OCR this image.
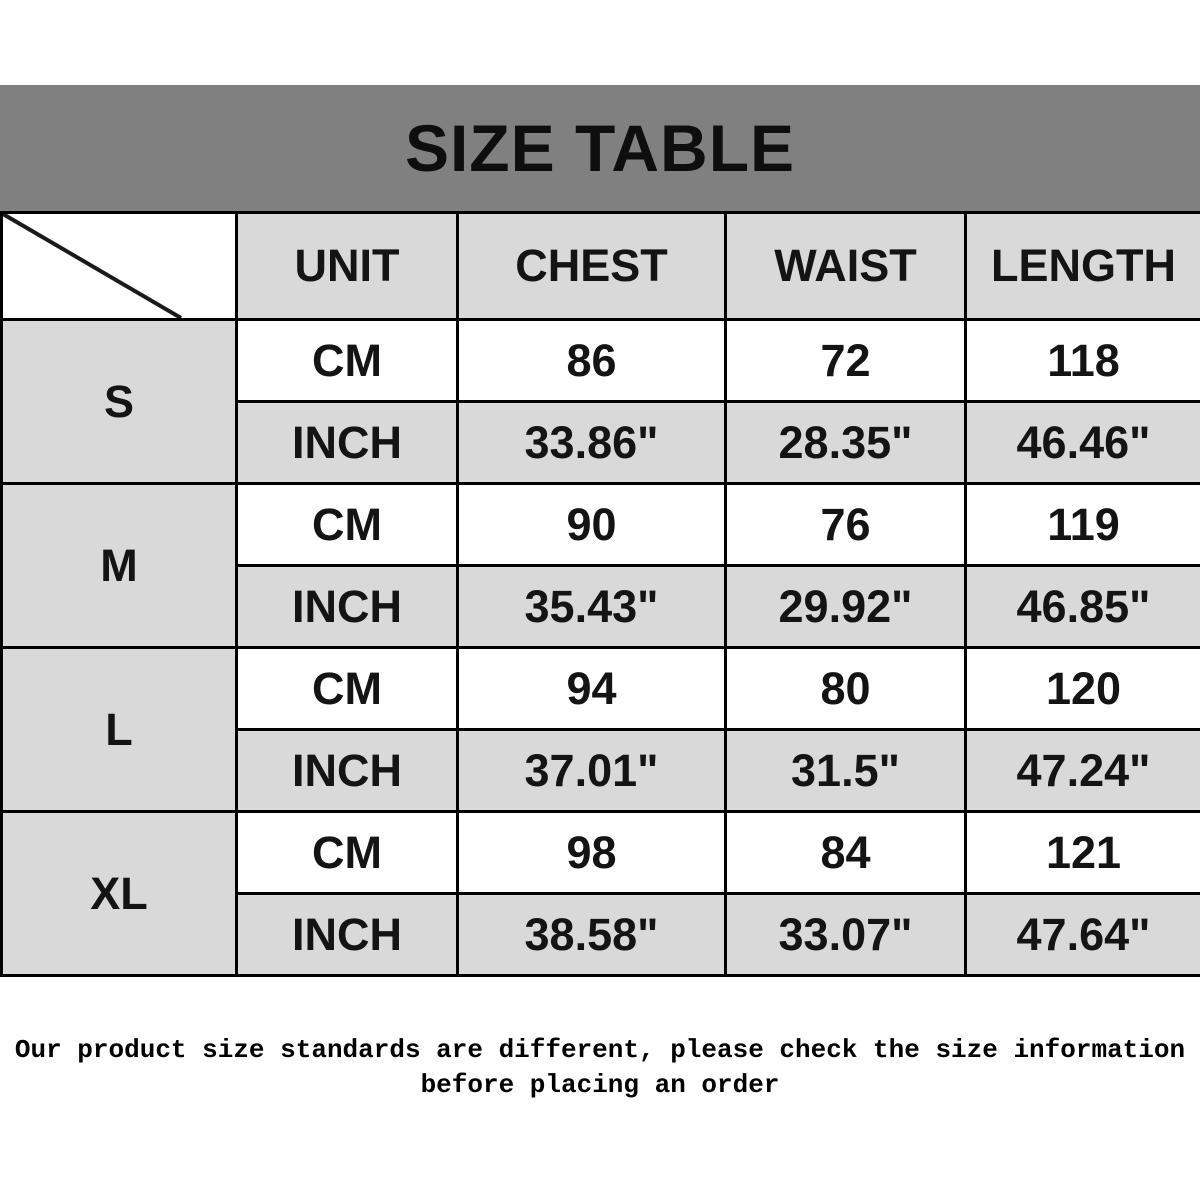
SIZE TABLE
	UNIT	CHEST	WAIST	LENGTH
S	CM	86	72	118
	INCH	33.86"	28.35"	46.46"
M	CM	90	76	119
	INCH	35.43"	29.92"	46.85"
L	CM	94	80	120
	INCH	37.01"	31.5"	47.24"
XL	CM	98	84	121
	INCH	38.58"	33.07"	47.64"
Our product size standards are different, please check the size information
before placing an order
